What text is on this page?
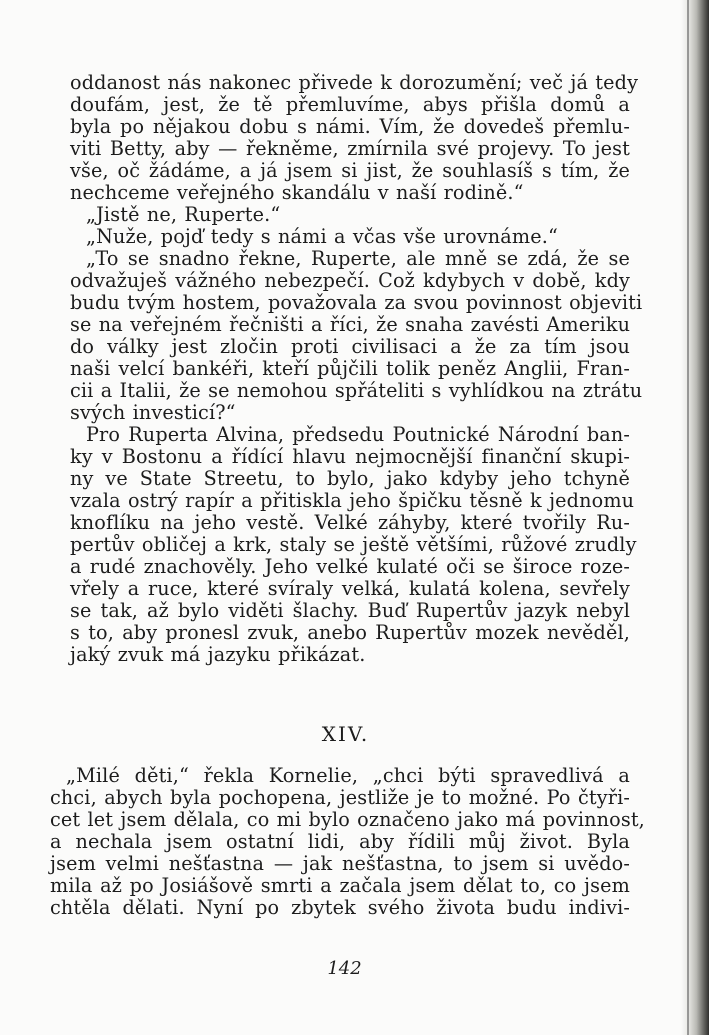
oddanost nás nakonec přivede k dorozumění; več já tedy
doufám, jest, že tě přemluvíme, abys přišla domů a
byla po nějakou dobu s námi. Vím, že dovedeš přemlu-
viti Betty, aby — řekněme, zmírnila své projevy. To jest
vše, oč žádáme, a já jsem si jist, že souhlasíš s tím, že
nechceme veřejného skandálu v naší rodině.“
„Jistě ne, Ruperte.“
„Nuže, pojď tedy s námi a včas vše urovnáme.“
„To se snadno řekne, Ruperte, ale mně se zdá, že se
odvažuješ vážného nebezpečí. Což kdybych v době, kdy
budu tvým hostem, považovala za svou povinnost objeviti
se na veřejném řečništi a říci, že snaha zavésti Ameriku
do války jest zločin proti civilisaci a že za tím jsou
naši velcí bankéři, kteří půjčili tolik peněz Anglii, Fran-
cii a Italii, že se nemohou spřáteliti s vyhlídkou na ztrátu
svých investicí?“
Pro Ruperta Alvina, předsedu Poutnické Národní ban-
ky v Bostonu a řídící hlavu nejmocnější finanční skupi-
ny ve State Streetu, to bylo, jako kdyby jeho tchyně
vzala ostrý rapír a přitiskla jeho špičku těsně k jednomu
knoflíku na jeho vestě. Velké záhyby, které tvořily Ru-
pertův obličej a krk, staly se ještě většími, růžové zrudly
a rudé znachověly. Jeho velké kulaté oči se široce roze-
vřely a ruce, které svíraly velká, kulatá kolena, sevřely
se tak, až bylo viděti šlachy. Buď Rupertův jazyk nebyl
s to, aby pronesl zvuk, anebo Rupertův mozek nevěděl,
jaký zvuk má jazyku přikázat.
XIV.
„Milé děti,“ řekla Kornelie, „chci býti spravedlivá a
chci, abych byla pochopena, jestliže je to možné. Po čtyři-
cet let jsem dělala, co mi bylo označeno jako má povinnost,
a nechala jsem ostatní lidi, aby řídili můj život. Byla
jsem velmi nešťastna — jak nešťastna, to jsem si uvědo-
mila až po Josiášově smrti a začala jsem dělat to, co jsem
chtěla dělati. Nyní po zbytek svého života budu indivi-
142
